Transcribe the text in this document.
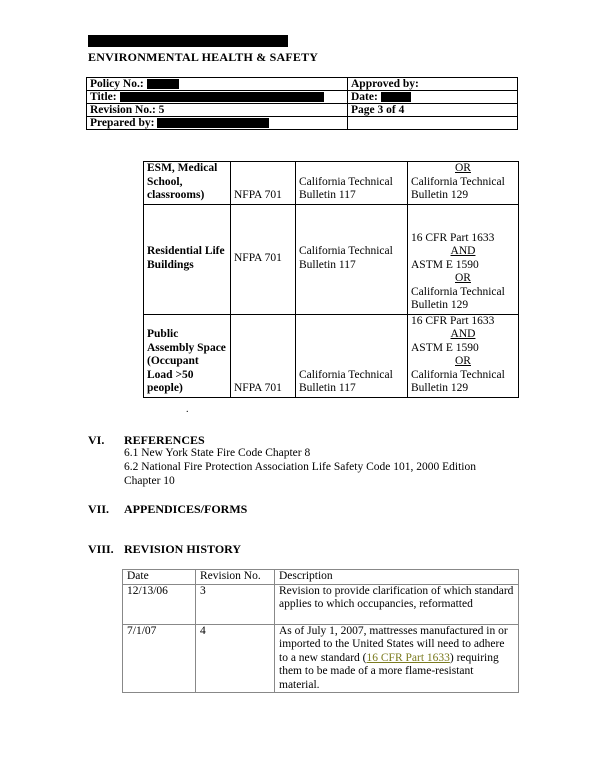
ENVIRONMENTAL HEALTH & SAFETY
Policy No.:	Approved by:
Title:	Date:
Revision No.: 5	Page 3 of 4
Prepared by:	
ESM, Medical School, classrooms)	NFPA 701	California Technical Bulletin 117	OR
California Technical Bulletin 129
Residential Life Buildings	NFPA 701	California Technical Bulletin 117	16 CFR Part 1633
AND
ASTM E 1590
OR
California Technical Bulletin 129

Public Assembly Space (Occupant Load >50 people)	NFPA 701	California Technical Bulletin 117	16 CFR Part 1633
AND
ASTM E 1590
OR
California Technical Bulletin 129
.
VI. REFERENCES
6.1 New York State Fire Code Chapter 8
6.2 National Fire Protection Association Life Safety Code 101, 2000 Edition
Chapter 10
VII. APPENDICES/FORMS
VIII. REVISION HISTORY
Date	Revision No.	Description
12/13/06	3	Revision to provide clarification of which standard applies to which occupancies, reformatted
7/1/07	4	As of July 1, 2007, mattresses manufactured in or imported to the United States will need to adhere to a new standard (16 CFR Part 1633) requiring them to be made of a more flame-resistant material.
